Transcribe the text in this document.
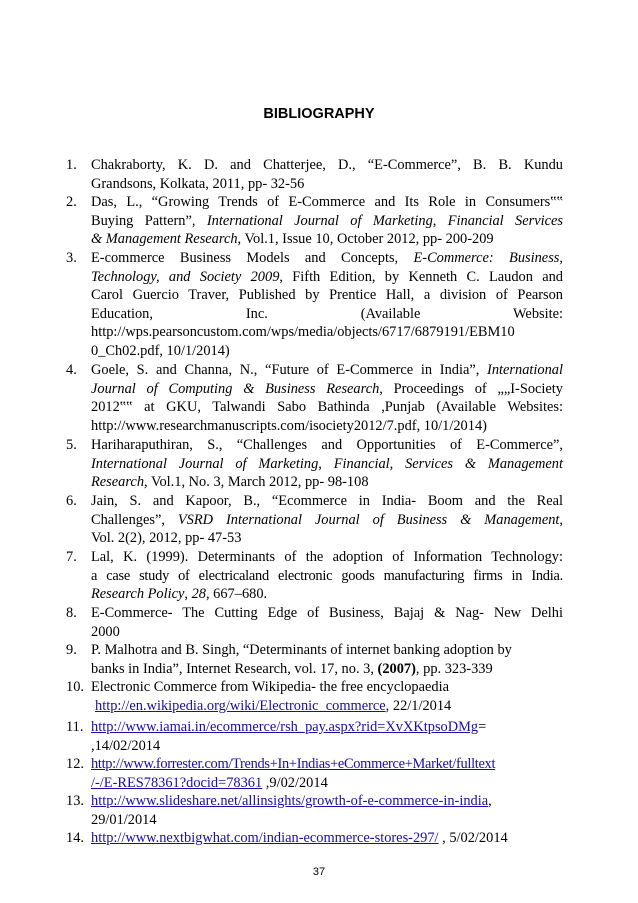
BIBLIOGRAPHY
1. Chakraborty, K. D. and Chatterjee, D., “E-Commerce”, B. B. Kundu
Grandsons, Kolkata, 2011, pp- 32-56
2. Das, L., “Growing Trends of E-Commerce and Its Role in Consumers‟‟
Buying Pattern”, International Journal of Marketing, Financial Services
& Management Research, Vol.1, Issue 10, October 2012, pp- 200-209
3. E-commerce Business Models and Concepts, E-Commerce: Business,
Technology, and Society 2009, Fifth Edition, by Kenneth C. Laudon and
Carol Guercio Traver, Published by Prentice Hall, a division of Pearson
Education, Inc. (Available Website:
http://wps.pearsoncustom.com/wps/media/objects/6717/6879191/EBM10
0_Ch02.pdf, 10/1/2014)
4. Goele, S. and Channa, N., “Future of E-Commerce in India”, International
Journal of Computing & Business Research, Proceedings of „„I-Society
2012‟‟ at GKU, Talwandi Sabo Bathinda ,Punjab (Available Websites:
http://www.researchmanuscripts.com/isociety2012/7.pdf, 10/1/2014)
5. Hariharaputhiran, S., “Challenges and Opportunities of E-Commerce”,
International Journal of Marketing, Financial, Services & Management
Research, Vol.1, No. 3, March 2012, pp- 98-108
6. Jain, S. and Kapoor, B., “Ecommerce in India- Boom and the Real
Challenges”, VSRD International Journal of Business & Management,
Vol. 2(2), 2012, pp- 47-53
7. Lal, K. (1999). Determinants of the adoption of Information Technology:
a case study of electricaland electronic goods manufacturing firms in India.
Research Policy, 28, 667–680.
8. E-Commerce- The Cutting Edge of Business, Bajaj & Nag- New Delhi
2000
9. P. Malhotra and B. Singh, “Determinants of internet banking adoption by
banks in India”, Internet Research, vol. 17, no. 3, (2007), pp. 323-339
10. Electronic Commerce from Wikipedia- the free encyclopaedia
http://en.wikipedia.org/wiki/Electronic_commerce, 22/1/2014
11. http://www.iamai.in/ecommerce/rsh_pay.aspx?rid=XvXKtpsoDMg=
,14/02/2014
12. http://www.forrester.com/Trends+In+Indias+eCommerce+Market/fulltext
/-/E-RES78361?docid=78361 ,9/02/2014
13. http://www.slideshare.net/allinsights/growth-of-e-commerce-in-india,
29/01/2014
14. http://www.nextbigwhat.com/indian-ecommerce-stores-297/ , 5/02/2014
37
